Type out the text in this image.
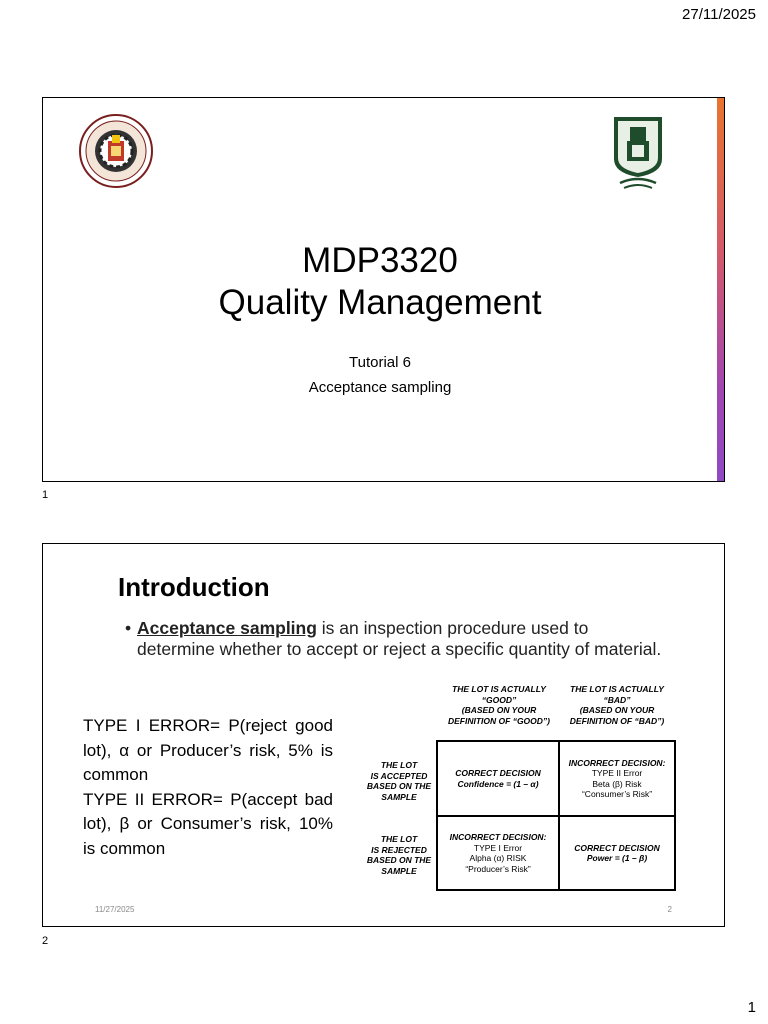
27/11/2025
MDP3320
Quality Management
Tutorial 6
Acceptance sampling
1
Introduction
• Acceptance sampling is an inspection procedure used to determine whether to accept or reject a specific quantity of material.

TYPE I ERROR= P(reject good lot), α or Producer’s risk, 5% is common

TYPE II ERROR= P(accept bad lot), β or Consumer’s risk, 10% is common

THE LOT IS ACTUALLY
“GOOD”
(BASED ON YOUR
DEFINITION OF “GOOD”)
THE LOT IS ACTUALLY
“BAD”
(BASED ON YOUR
DEFINITION OF “BAD”)
THE LOT
IS ACCEPTED
BASED ON THE
SAMPLE
THE LOT
IS REJECTED
BASED ON THE
SAMPLE
CORRECT DECISION
Confidence = (1 – α)
INCORRECT DECISION:
TYPE II Error
Beta (β) Risk
“Consumer’s Risk”
INCORRECT DECISION:
TYPE I Error
Alpha (α) RISK
“Producer’s Risk”
CORRECT DECISION
Power = (1 – β)
11/27/2025	2
2
1
